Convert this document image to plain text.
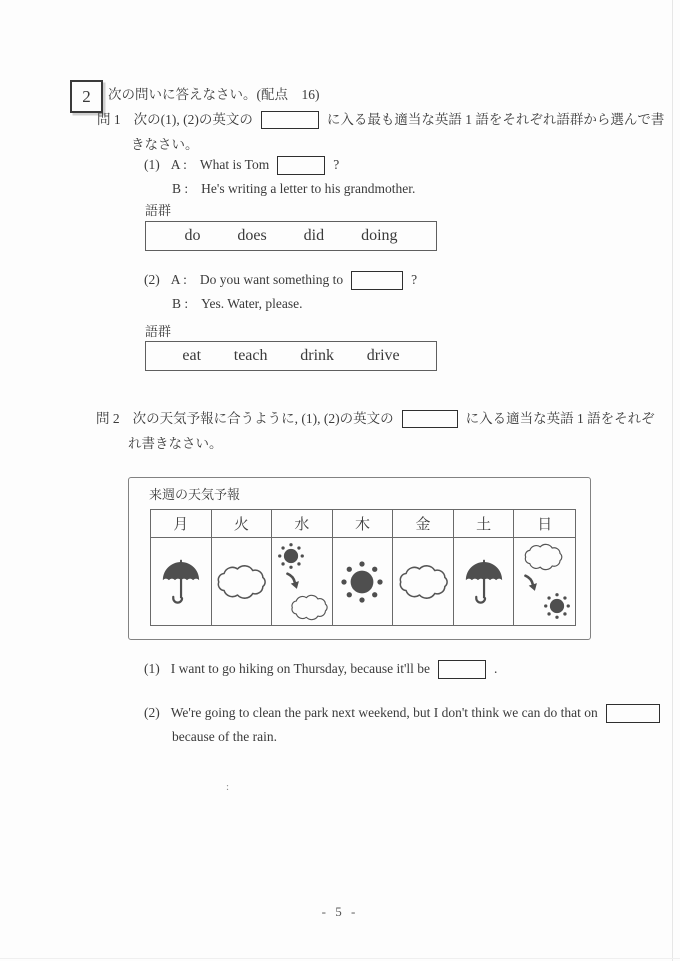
2 次の問いに答えなさい。(配点　16)
問 1 次の(1), (2)の英文の	に入る最も適当な英語 1 語をそれぞれ語群から選んで書
きなさい。
(1) A : What is Tom	?
B : He's writing a letter to his grandmother.
語群
do does did doing
(2) A : Do you want something to	?
B : Yes. Water, please.
語群
eat teach drink drive
問 2 次の天気予報に合うように, (1), (2)の英文の	に入る適当な英語 1 語をそれぞ
れ書きなさい。
来週の天気予報
月	火	水	木	金	土	日
(1) I want to go hiking on Thursday, because it'll be	.
(2) We're going to clean the park next weekend, but I don't think we can do that on
because of the rain.
:
- 5 -
